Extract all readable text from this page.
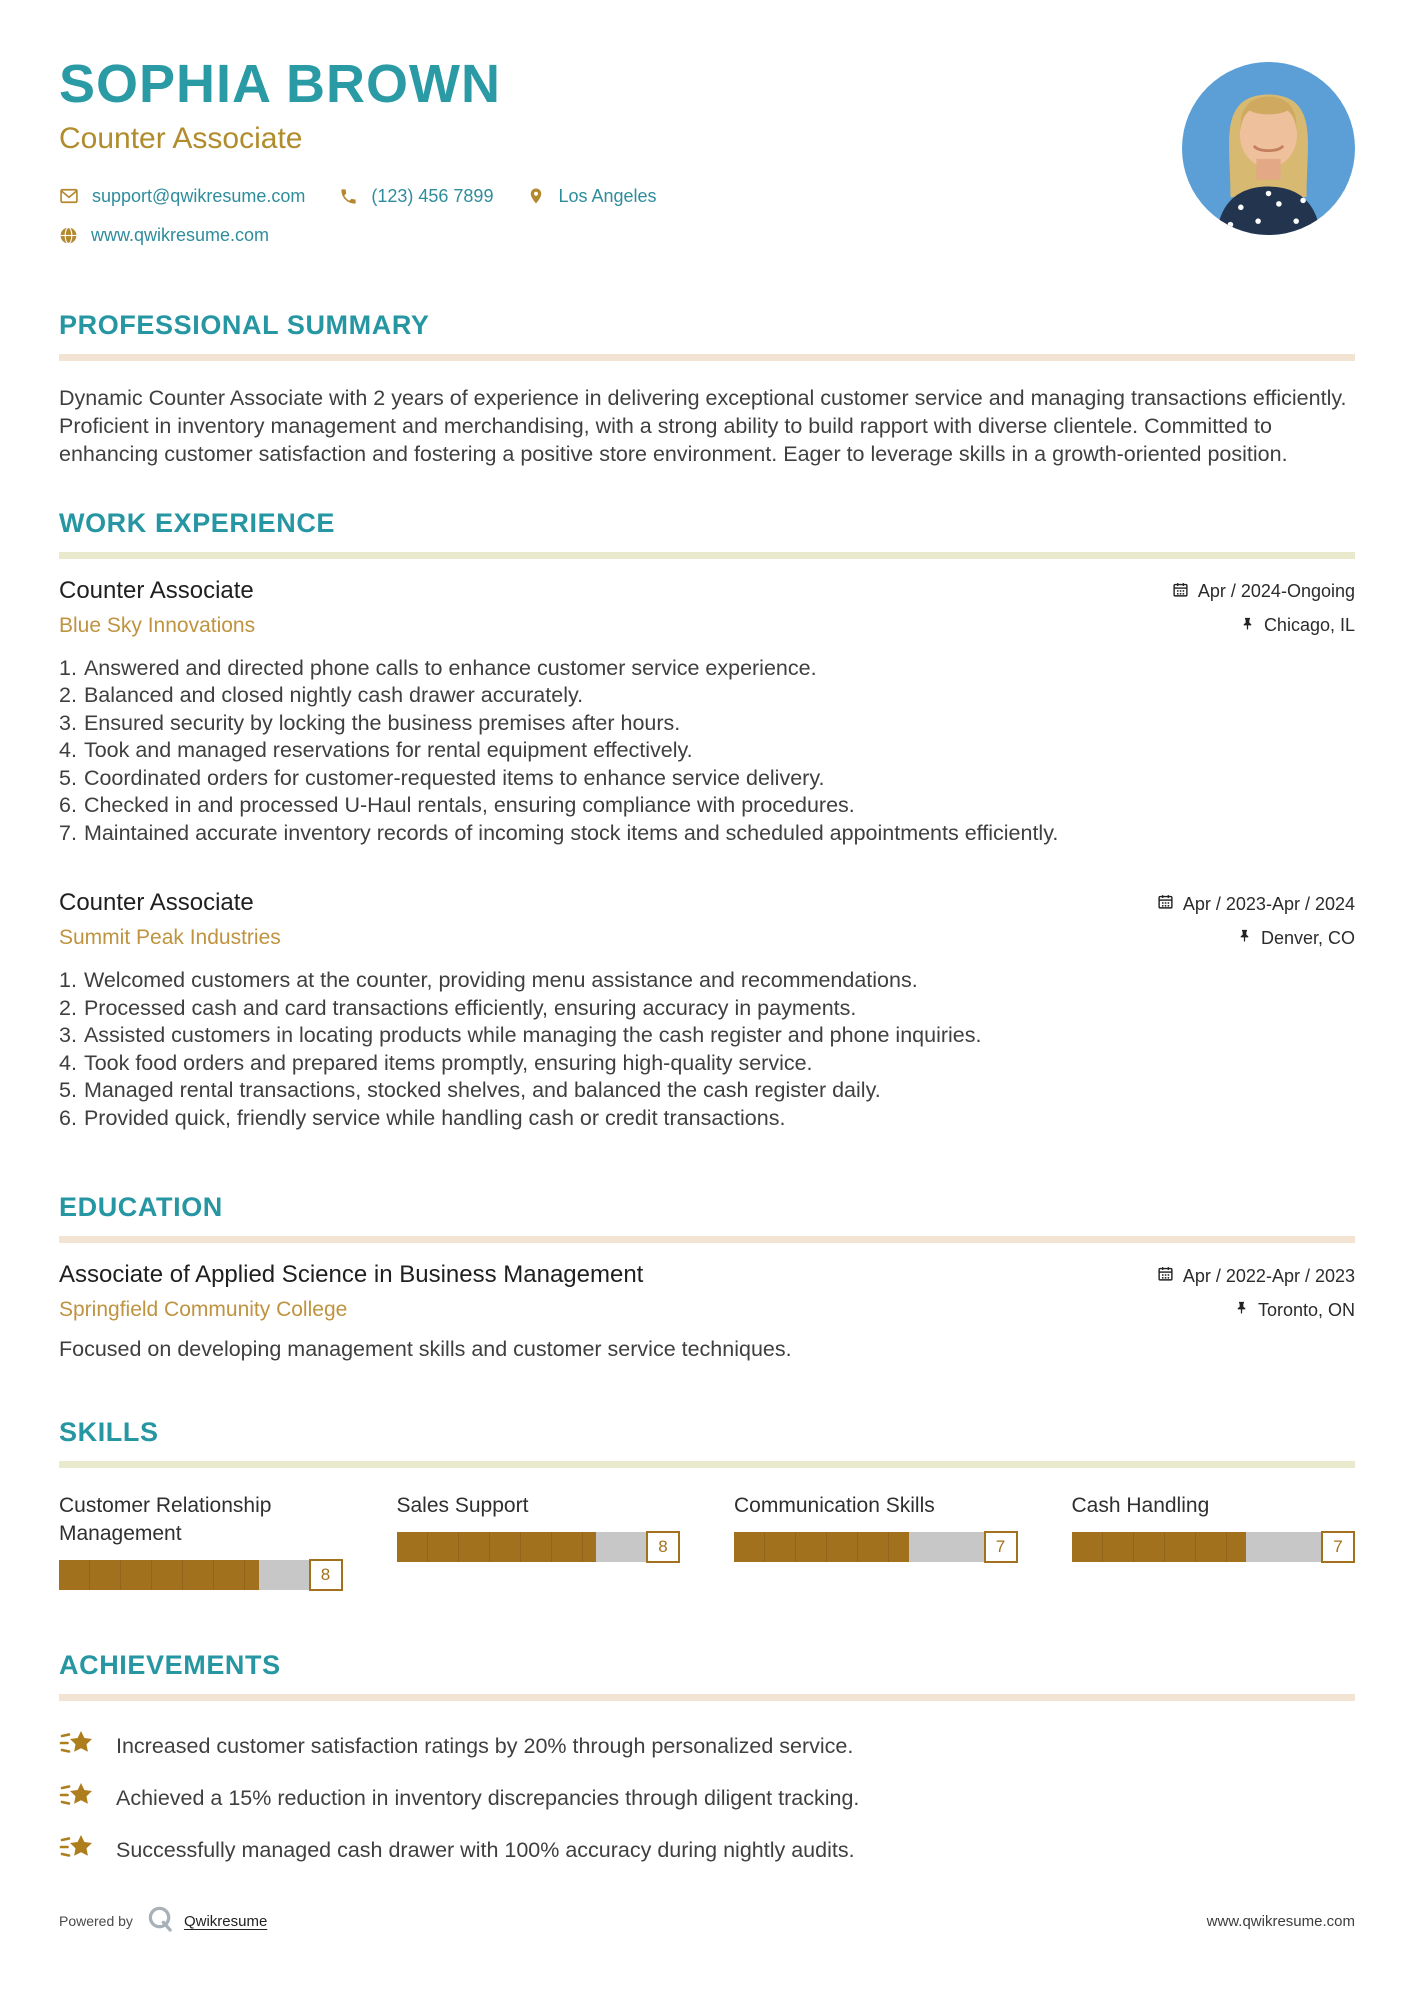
SOPHIA BROWN
Counter Associate
support@qwikresume.com	(123) 456 7899	Los Angeles
www.qwikresume.com
PROFESSIONAL SUMMARY

Dynamic Counter Associate with 2 years of experience in delivering exceptional customer service and managing transactions efficiently. Proficient in inventory management and merchandising, with a strong ability to build rapport with diverse clientele. Committed to enhancing customer satisfaction and fostering a positive store environment. Eager to leverage skills in a growth-oriented position.

WORK EXPERIENCE
Counter Associate	Apr / 2024-Ongoing
Blue Sky Innovations	Chicago, IL
1. Answered and directed phone calls to enhance customer service experience.
2. Balanced and closed nightly cash drawer accurately.
3. Ensured security by locking the business premises after hours.
4. Took and managed reservations for rental equipment effectively.
5. Coordinated orders for customer-requested items to enhance service delivery.
6. Checked in and processed U-Haul rentals, ensuring compliance with procedures.
7. Maintained accurate inventory records of incoming stock items and scheduled appointments efficiently.
Counter Associate	Apr / 2023-Apr / 2024
Summit Peak Industries	Denver, CO
1. Welcomed customers at the counter, providing menu assistance and recommendations.
2. Processed cash and card transactions efficiently, ensuring accuracy in payments.
3. Assisted customers in locating products while managing the cash register and phone inquiries.
4. Took food orders and prepared items promptly, ensuring high-quality service.
5. Managed rental transactions, stocked shelves, and balanced the cash register daily.
6. Provided quick, friendly service while handling cash or credit transactions.
EDUCATION
Associate of Applied Science in Business Management	Apr / 2022-Apr / 2023
Springfield Community College	Toronto, ON

Focused on developing management skills and customer service techniques.

SKILLS
Customer Relationship Management
8
Sales Support
8
Communication Skills
7
Cash Handling
7
ACHIEVEMENTS
Increased customer satisfaction ratings by 20% through personalized service.
Achieved a 15% reduction in inventory discrepancies through diligent tracking.
Successfully managed cash drawer with 100% accuracy during nightly audits.
Powered by	Qwikresume	www.qwikresume.com
